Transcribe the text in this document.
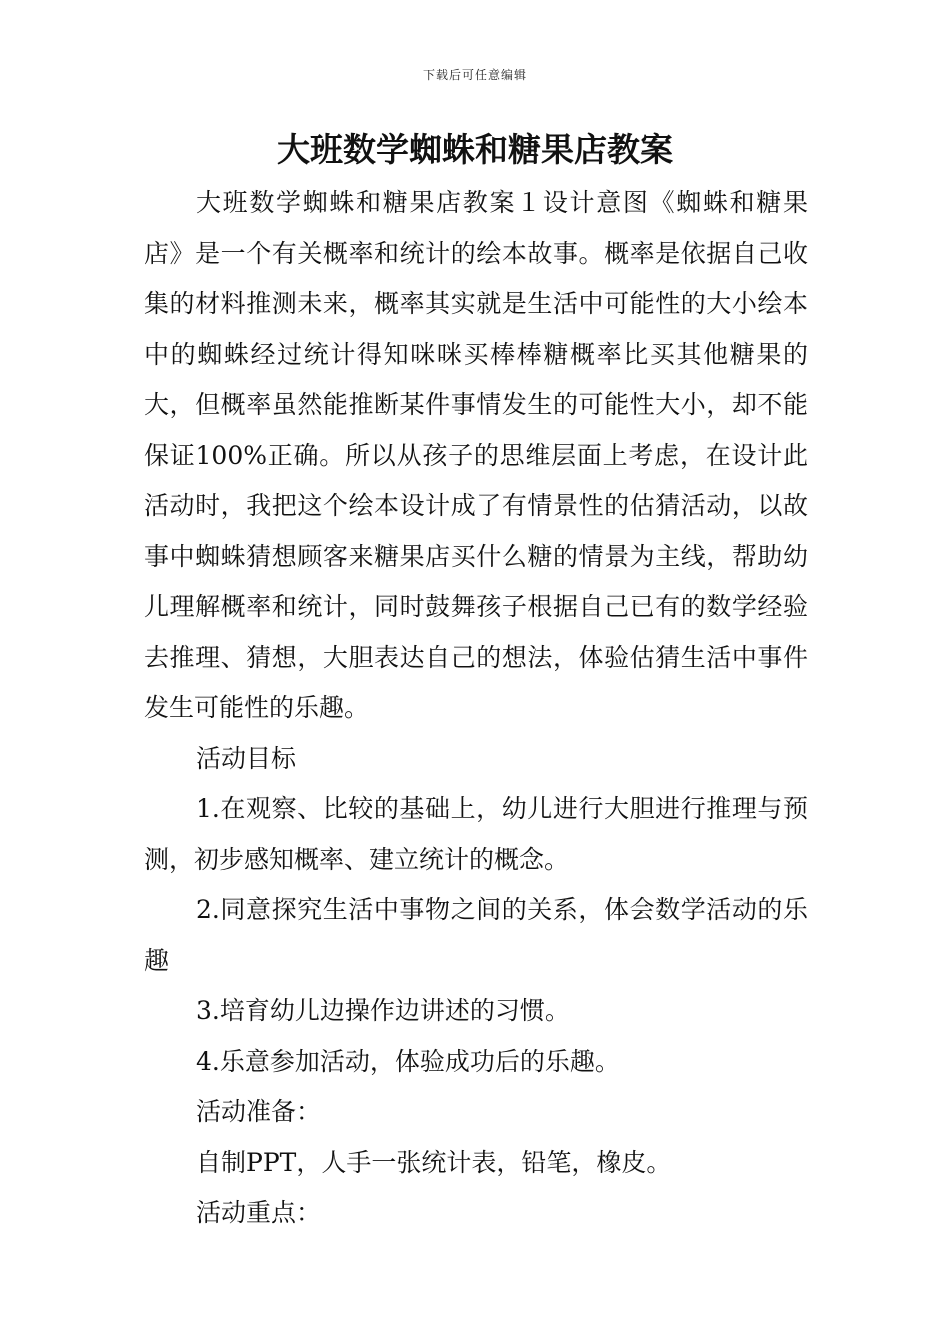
下载后可任意编辑
大班数学蜘蛛和糖果店教案

大班数学蜘蛛和糖果店教案１设计意图《蜘蛛和糖果店》是一个有关概率和统计的绘本故事。概率是依据自己收集的材料推测未来，概率其实就是生活中可能性的大小绘本中的蜘蛛经过统计得知咪咪买棒棒糖概率比买其他糖果的大，但概率虽然能推断某件事情发生的可能性大小，却不能保证100%正确。所以从孩子的思维层面上考虑，在设计此活动时，我把这个绘本设计成了有情景性的估猜活动，以故事中蜘蛛猜想顾客来糖果店买什么糖的情景为主线，帮助幼儿理解概率和统计，同时鼓舞孩子根据自己已有的数学经验去推理、猜想，大胆表达自己的想法，体验估猜生活中事件发生可能性的乐趣。

活动目标

1.在观察、比较的基础上，幼儿进行大胆进行推理与预测，初步感知概率、建立统计的概念。

2.同意探究生活中事物之间的关系，体会数学活动的乐趣

3.培育幼儿边操作边讲述的习惯。

4.乐意参加活动，体验成功后的乐趣。

活动准备：

自制PPT，人手一张统计表，铅笔，橡皮。

活动重点：
